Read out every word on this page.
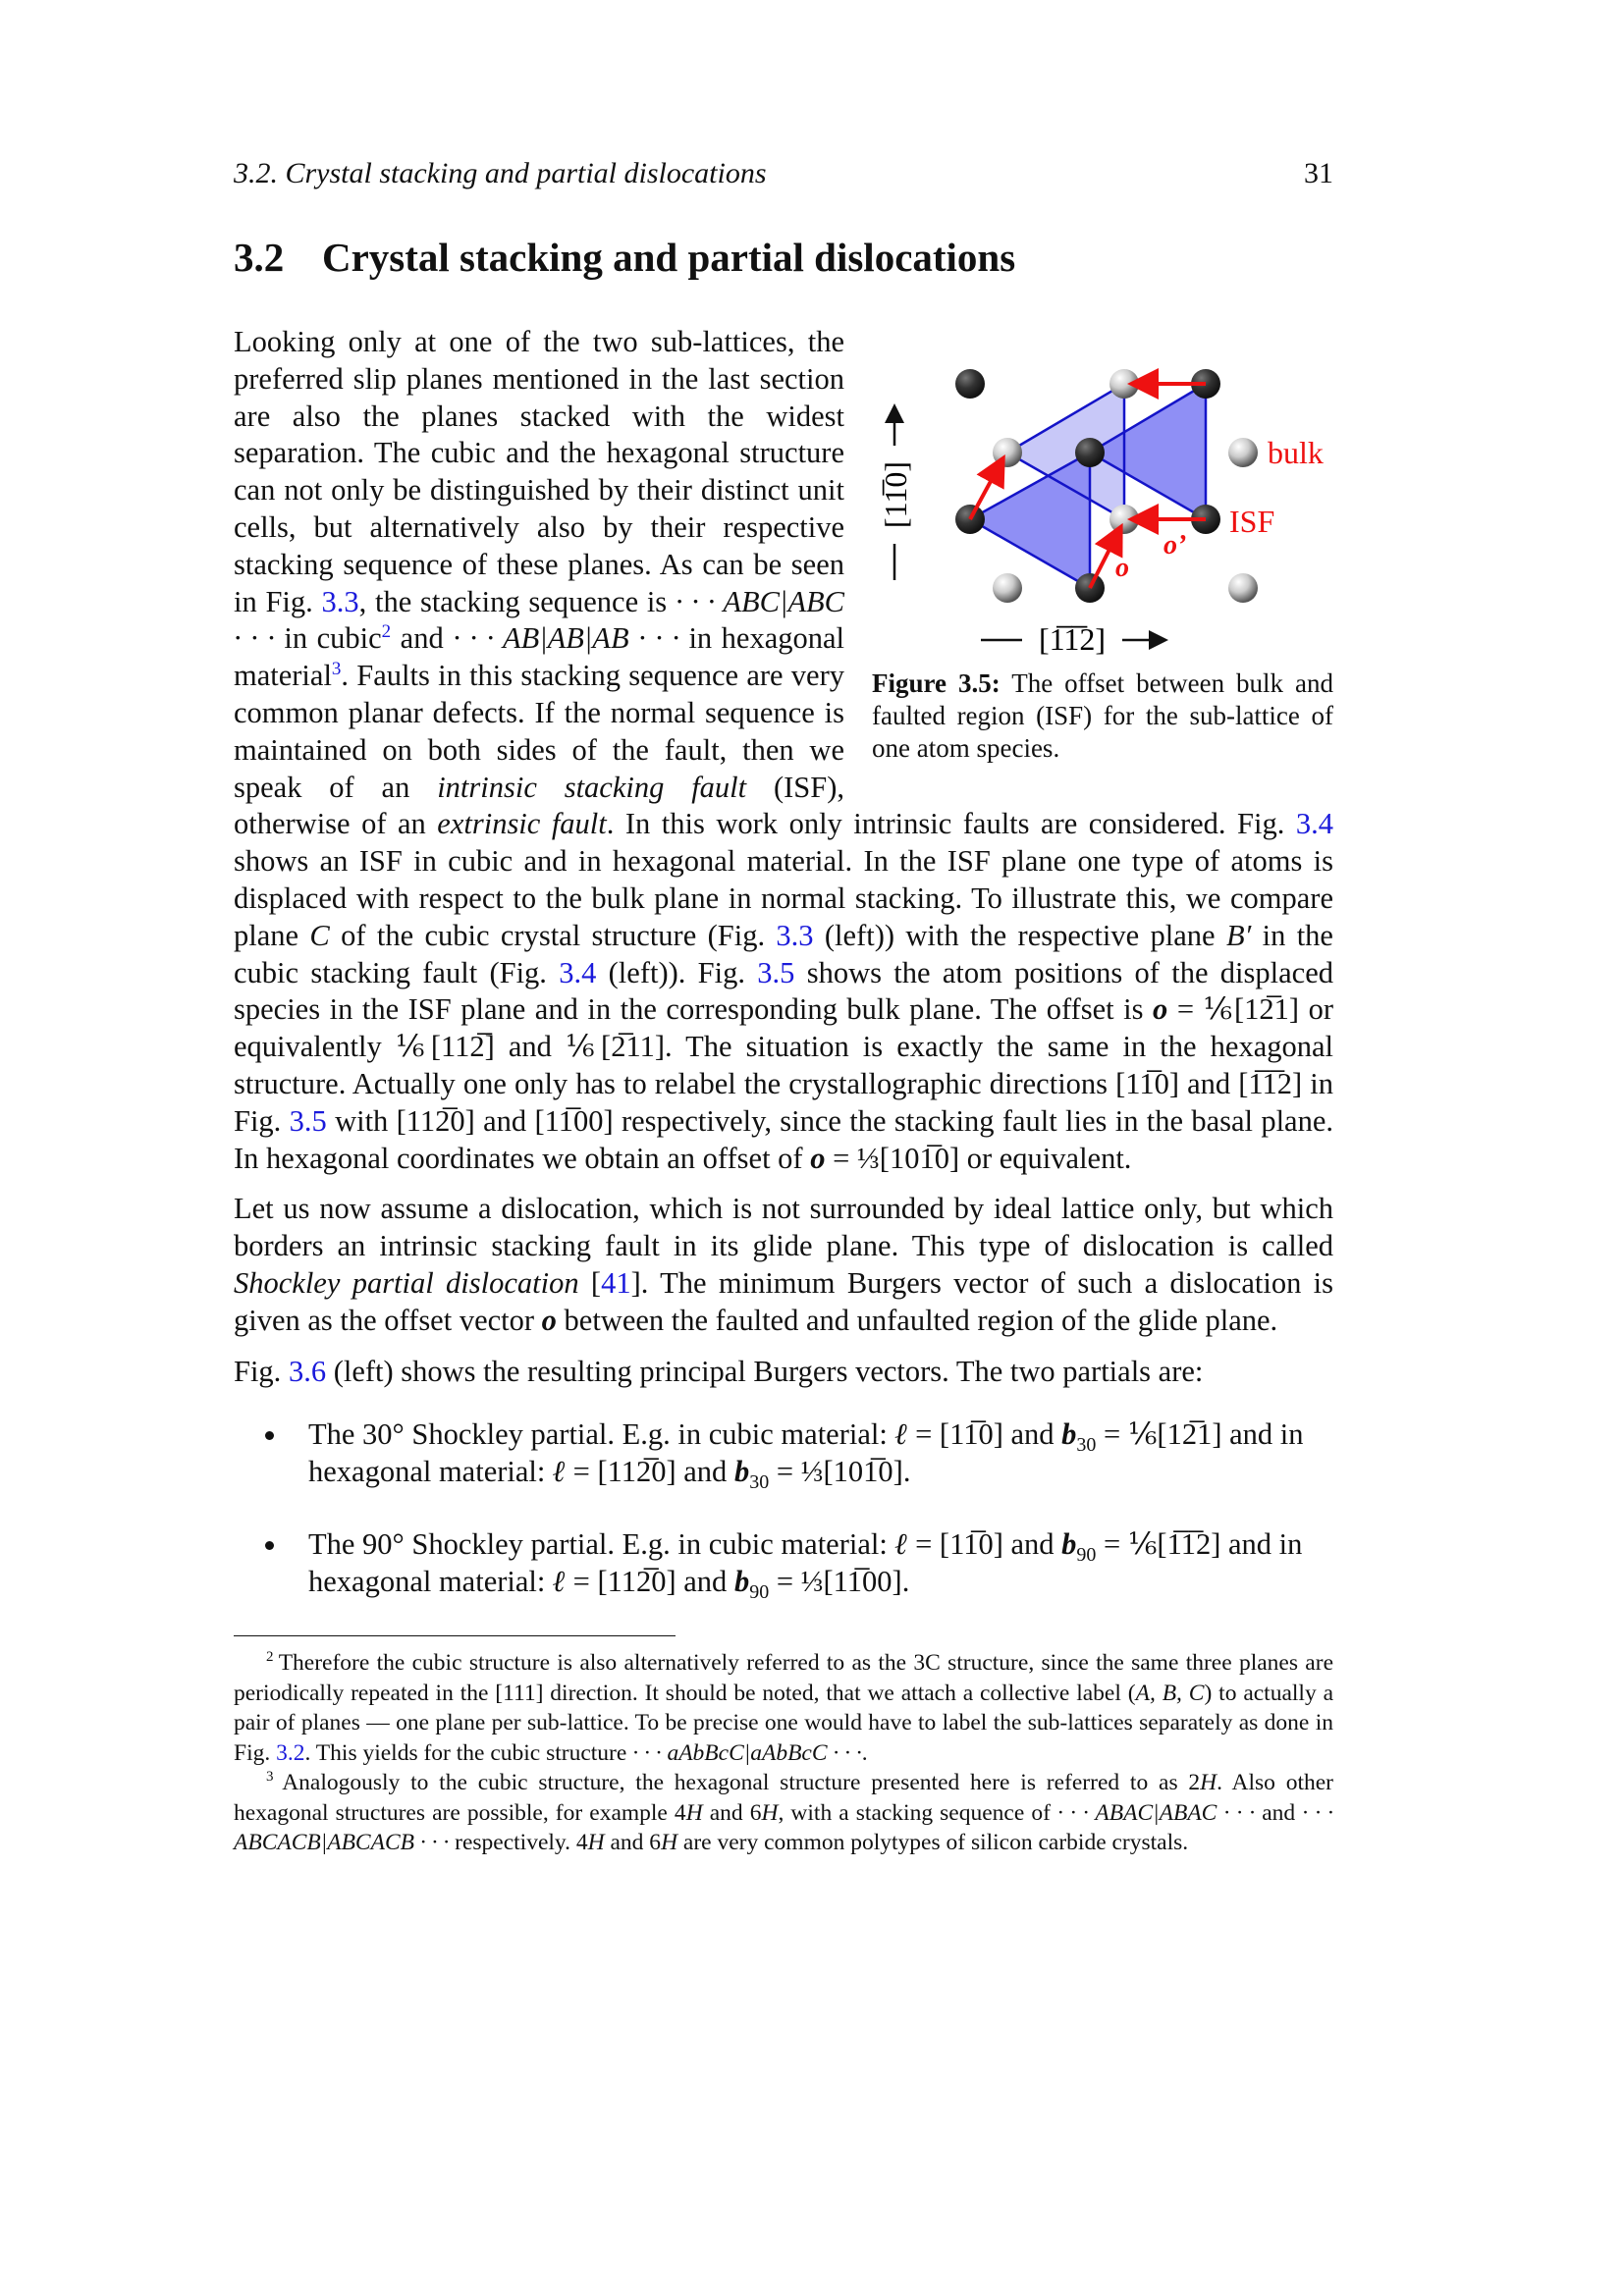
3.2. Crystal stacking and partial dislocations	31
3.2 Crystal stacking and partial dislocations

bulk
ISF
o
o’
[11̅0]
[1̅1̅2]
Figure 3.5: The offset between bulk and faulted region (ISF) for the sub-lattice of one atom species.
Looking only at one of the two sub-lattices, the preferred slip planes mentioned in the last section are also the planes stacked with the widest separation. The cubic and the hexagonal structure can not only be distinguished by their distinct unit cells, but alternatively also by their respective stacking sequence of these planes. As can be seen in Fig. 3.3, the stacking sequence is · · · ABC|ABC · · · in cubic$^2$ and · · · AB|AB|AB · · · in hexagonal material$^3$. Faults in this stacking sequence are very common planar defects. If the normal sequence is maintained on both sides of the fault, then we speak of an intrinsic stacking fault (ISF), otherwise of an extrinsic fault. In this work only intrinsic faults are considered. Fig. 3.4 shows an ISF in cubic and in hexagonal material. In the ISF plane one type of atoms is displaced with respect to the bulk plane in normal stacking. To illustrate this, we compare plane C of the cubic crystal structure (Fig. 3.3 (left)) with the respective plane B′ in the cubic stacking fault (Fig. 3.4 (left)). Fig. 3.5 shows the atom positions of the displaced species in the ISF plane and in the corresponding bulk plane. The offset is o = ⅙[12̅1] or equivalently ⅙[112̅] and ⅙[2̅11]. The situation is exactly the same in the hexagonal structure. Actually one only has to relabel the crystallographic directions [11̅0] and [1̅1̅2] in Fig. 3.5 with [112̅0] and [11̅00] respectively, since the stacking fault lies in the basal plane. In hexagonal coordinates we obtain an offset of o = ⅓[101̅0] or equivalent.

Let us now assume a dislocation, which is not surrounded by ideal lattice only, but which borders an intrinsic stacking fault in its glide plane. This type of dislocation is called Shockley partial dislocation [41]. The minimum Burgers vector of such a dislocation is given as the offset vector o between the faulted and unfaulted region of the glide plane.

Fig. 3.6 (left) shows the resulting principal Burgers vectors. The two partials are:

The 30° Shockley partial. E.g. in cubic material: ℓ = [11̅0] and $b_{30}$ = ⅙[12̅1] and in hexagonal material: ℓ = [112̅0] and $b_{30}$ = ⅓[101̅0].
The 90° Shockley partial. E.g. in cubic material: ℓ = [11̅0] and $b_{90}$ = ⅙[1̅1̅2] and in hexagonal material: ℓ = [112̅0] and $b_{90}$ = ⅓[11̅00].

$^2$ Therefore the cubic structure is also alternatively referred to as the 3C structure, since the same three planes are periodically repeated in the [111] direction. It should be noted, that we attach a collective label (A, B, C) to actually a pair of planes — one plane per sub-lattice. To be precise one would have to label the sub-lattices separately as done in Fig. 3.2. This yields for the cubic structure · · · aAbBcC|aAbBcC · · ·.

$^3$ Analogously to the cubic structure, the hexagonal structure presented here is referred to as 2H. Also other hexagonal structures are possible, for example 4H and 6H, with a stacking sequence of · · · ABAC|ABAC · · · and · · · ABCACB|ABCACB · · · respectively. 4H and 6H are very common polytypes of silicon carbide crystals.
